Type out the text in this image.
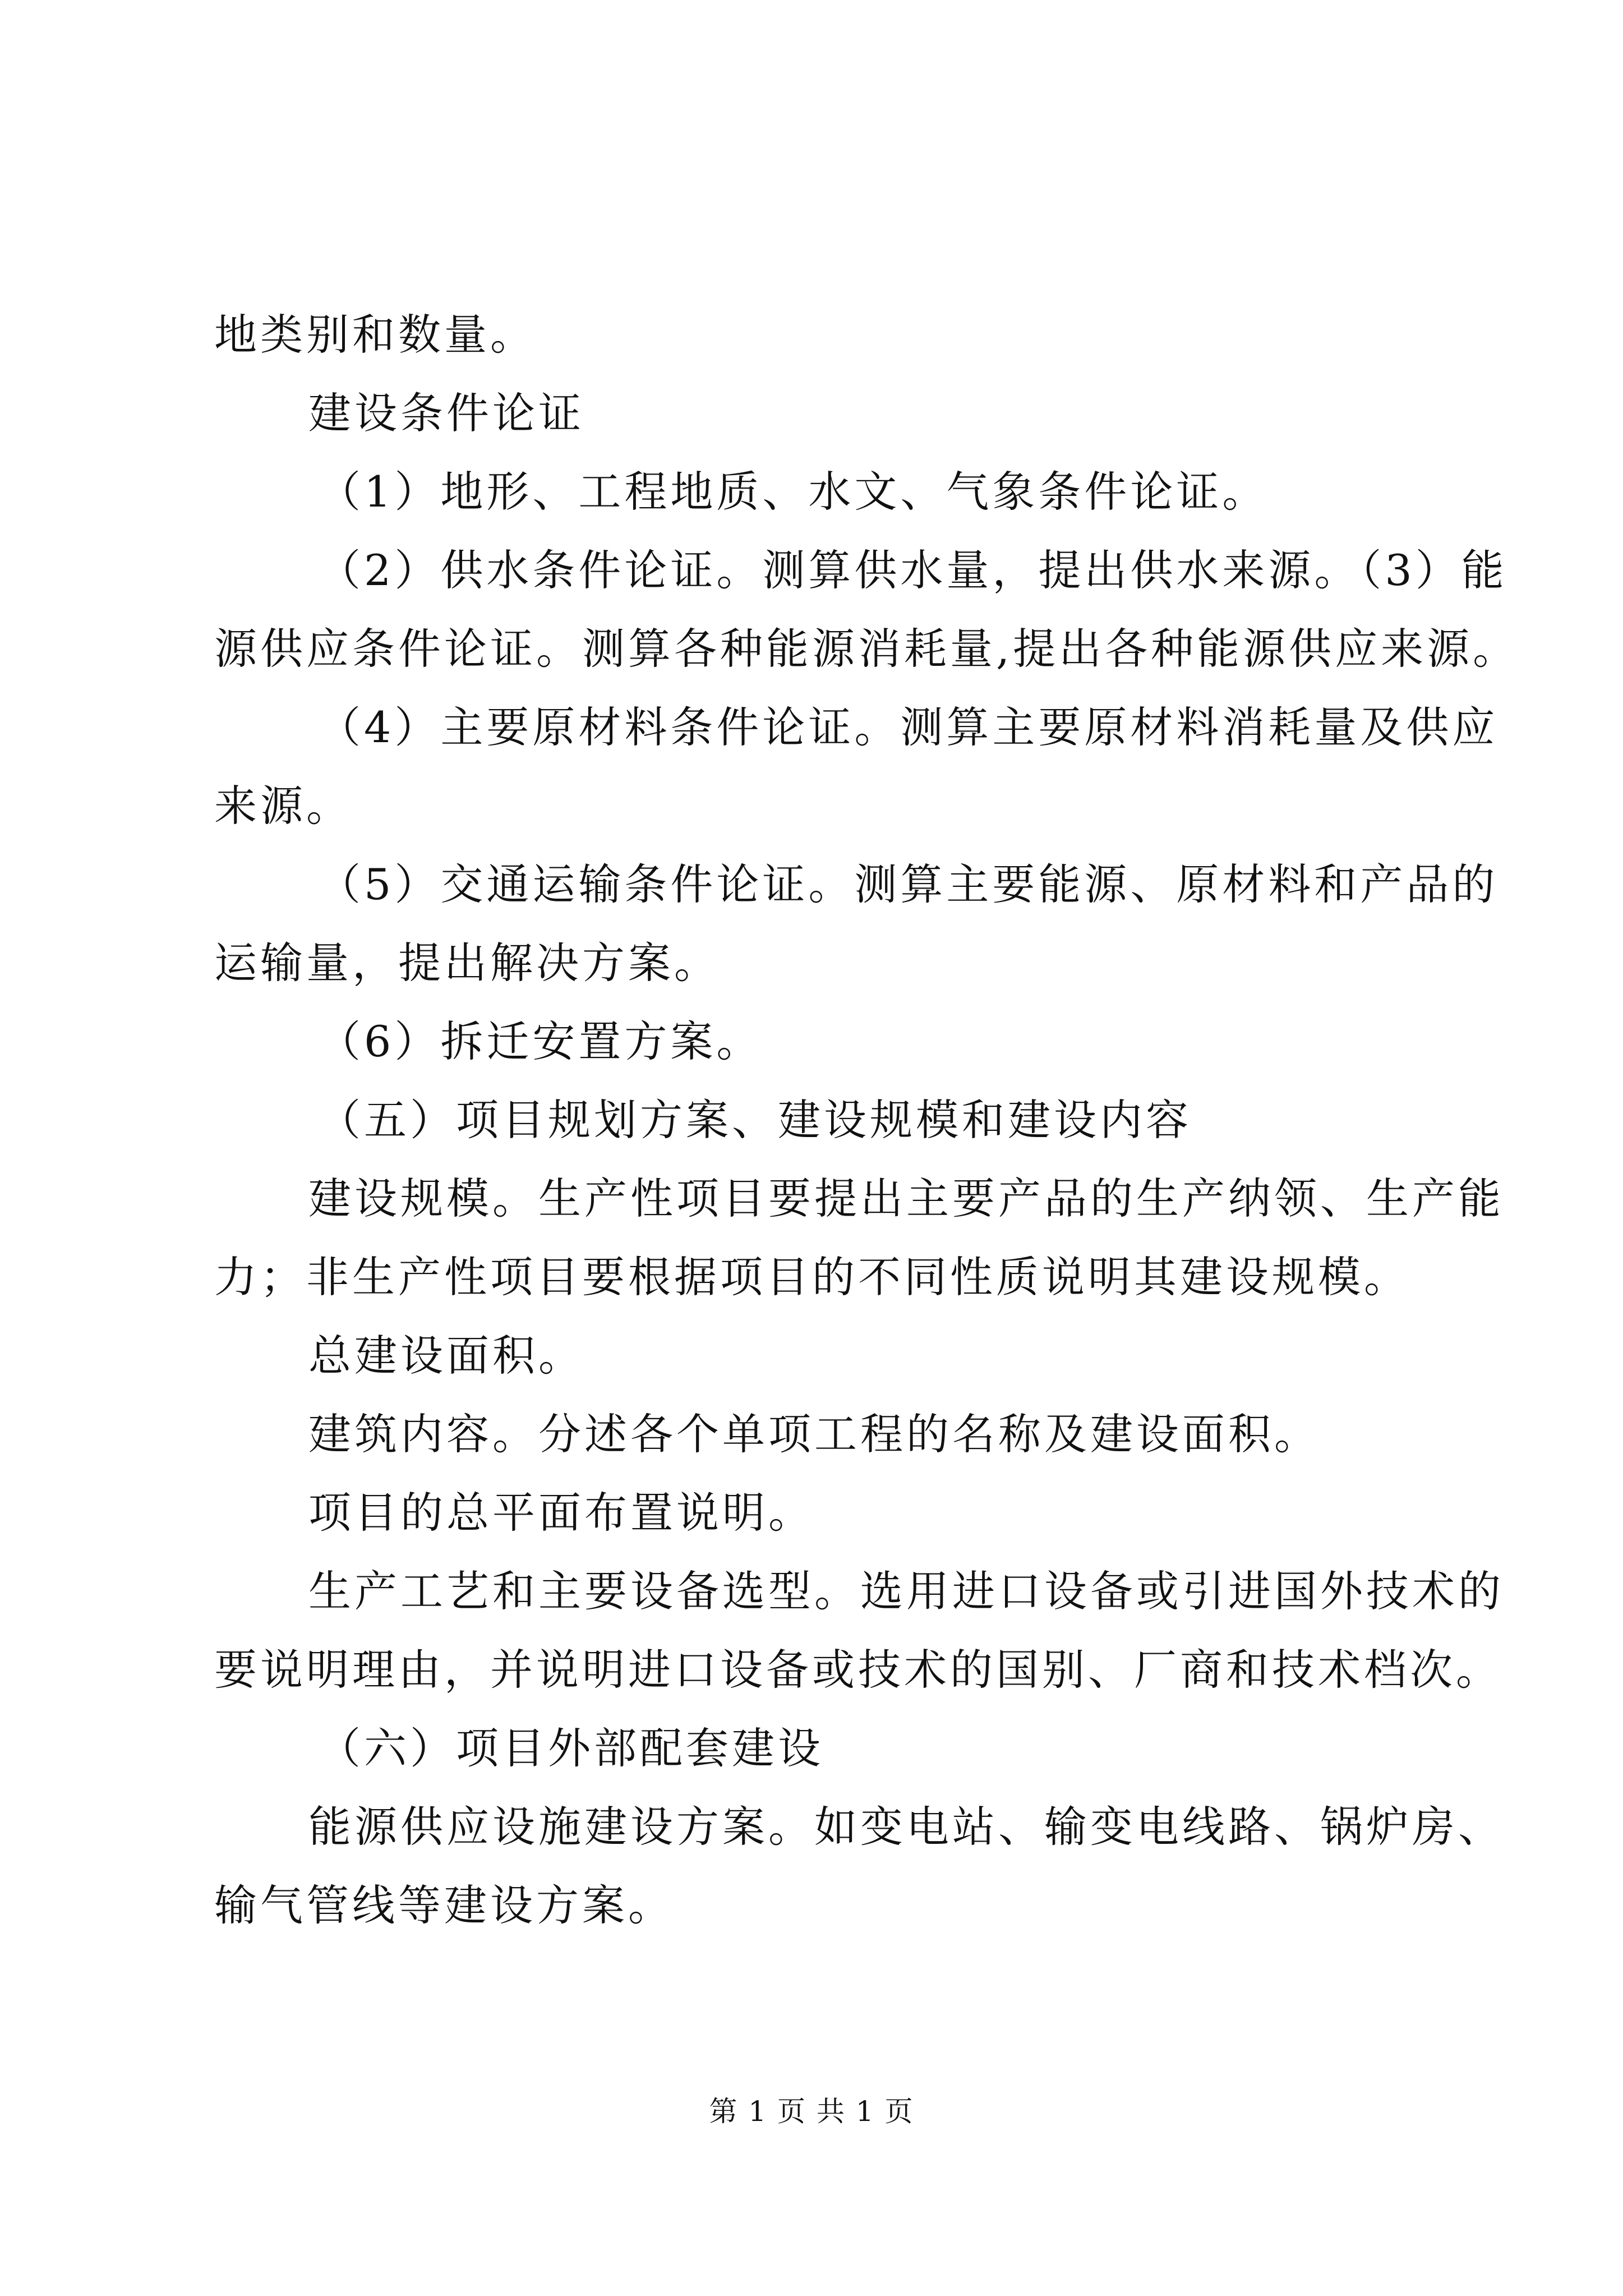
地类别和数量。
建设条件论证
（1）地形、工程地质、水文、气象条件论证。
（2）供水条件论证。测算供水量，提出供水来源。（3）能
源供应条件论证。测算各种能源消耗量,提出各种能源供应来源。
（4）主要原材料条件论证。测算主要原材料消耗量及供应
来源。
（5）交通运输条件论证。测算主要能源、原材料和产品的
运输量，提出解决方案。
（6）拆迁安置方案。
（五）项目规划方案、建设规模和建设内容
建设规模。生产性项目要提出主要产品的生产纳领、生产能
力；非生产性项目要根据项目的不同性质说明其建设规模。
总建设面积。
建筑内容。分述各个单项工程的名称及建设面积。
项目的总平面布置说明。
生产工艺和主要设备选型。选用进口设备或引进国外技术的
要说明理由，并说明进口设备或技术的国别、厂商和技术档次。
（六）项目外部配套建设
能源供应设施建设方案。如变电站、输变电线路、锅炉房、
输气管线等建设方案。
第 1 页 共 1 页
